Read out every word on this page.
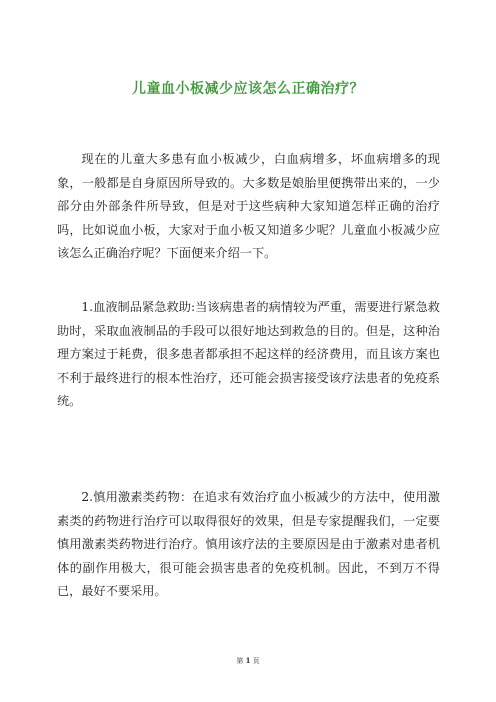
儿童血小板减少应该怎么正确治疗？

现在的儿童大多患有血小板减少，白血病增多，坏血病增多的现象，一般都是自身原因所导致的。大多数是娘胎里便携带出来的，一少部分由外部条件所导致，但是对于这些病种大家知道怎样正确的治疗吗，比如说血小板，大家对于血小板又知道多少呢？儿童血小板减少应该怎么正确治疗呢？下面便来介绍一下。

1.血液制品紧急救助:当该病患者的病情较为严重，需要进行紧急救助时，采取血液制品的手段可以很好地达到救急的目的。但是，这种治理方案过于耗费，很多患者都承担不起这样的经济费用，而且该方案也不利于最终进行的根本性治疗，还可能会损害接受该疗法患者的免疫系统。

2.慎用激素类药物：在追求有效治疗血小板减少的方法中，使用激素类的药物进行治疗可以取得很好的效果，但是专家提醒我们，一定要慎用激素类药物进行治疗。慎用该疗法的主要原因是由于激素对患者机体的副作用极大，很可能会损害患者的免疫机制。因此，不到万不得已，最好不要采用。

第 1 页
